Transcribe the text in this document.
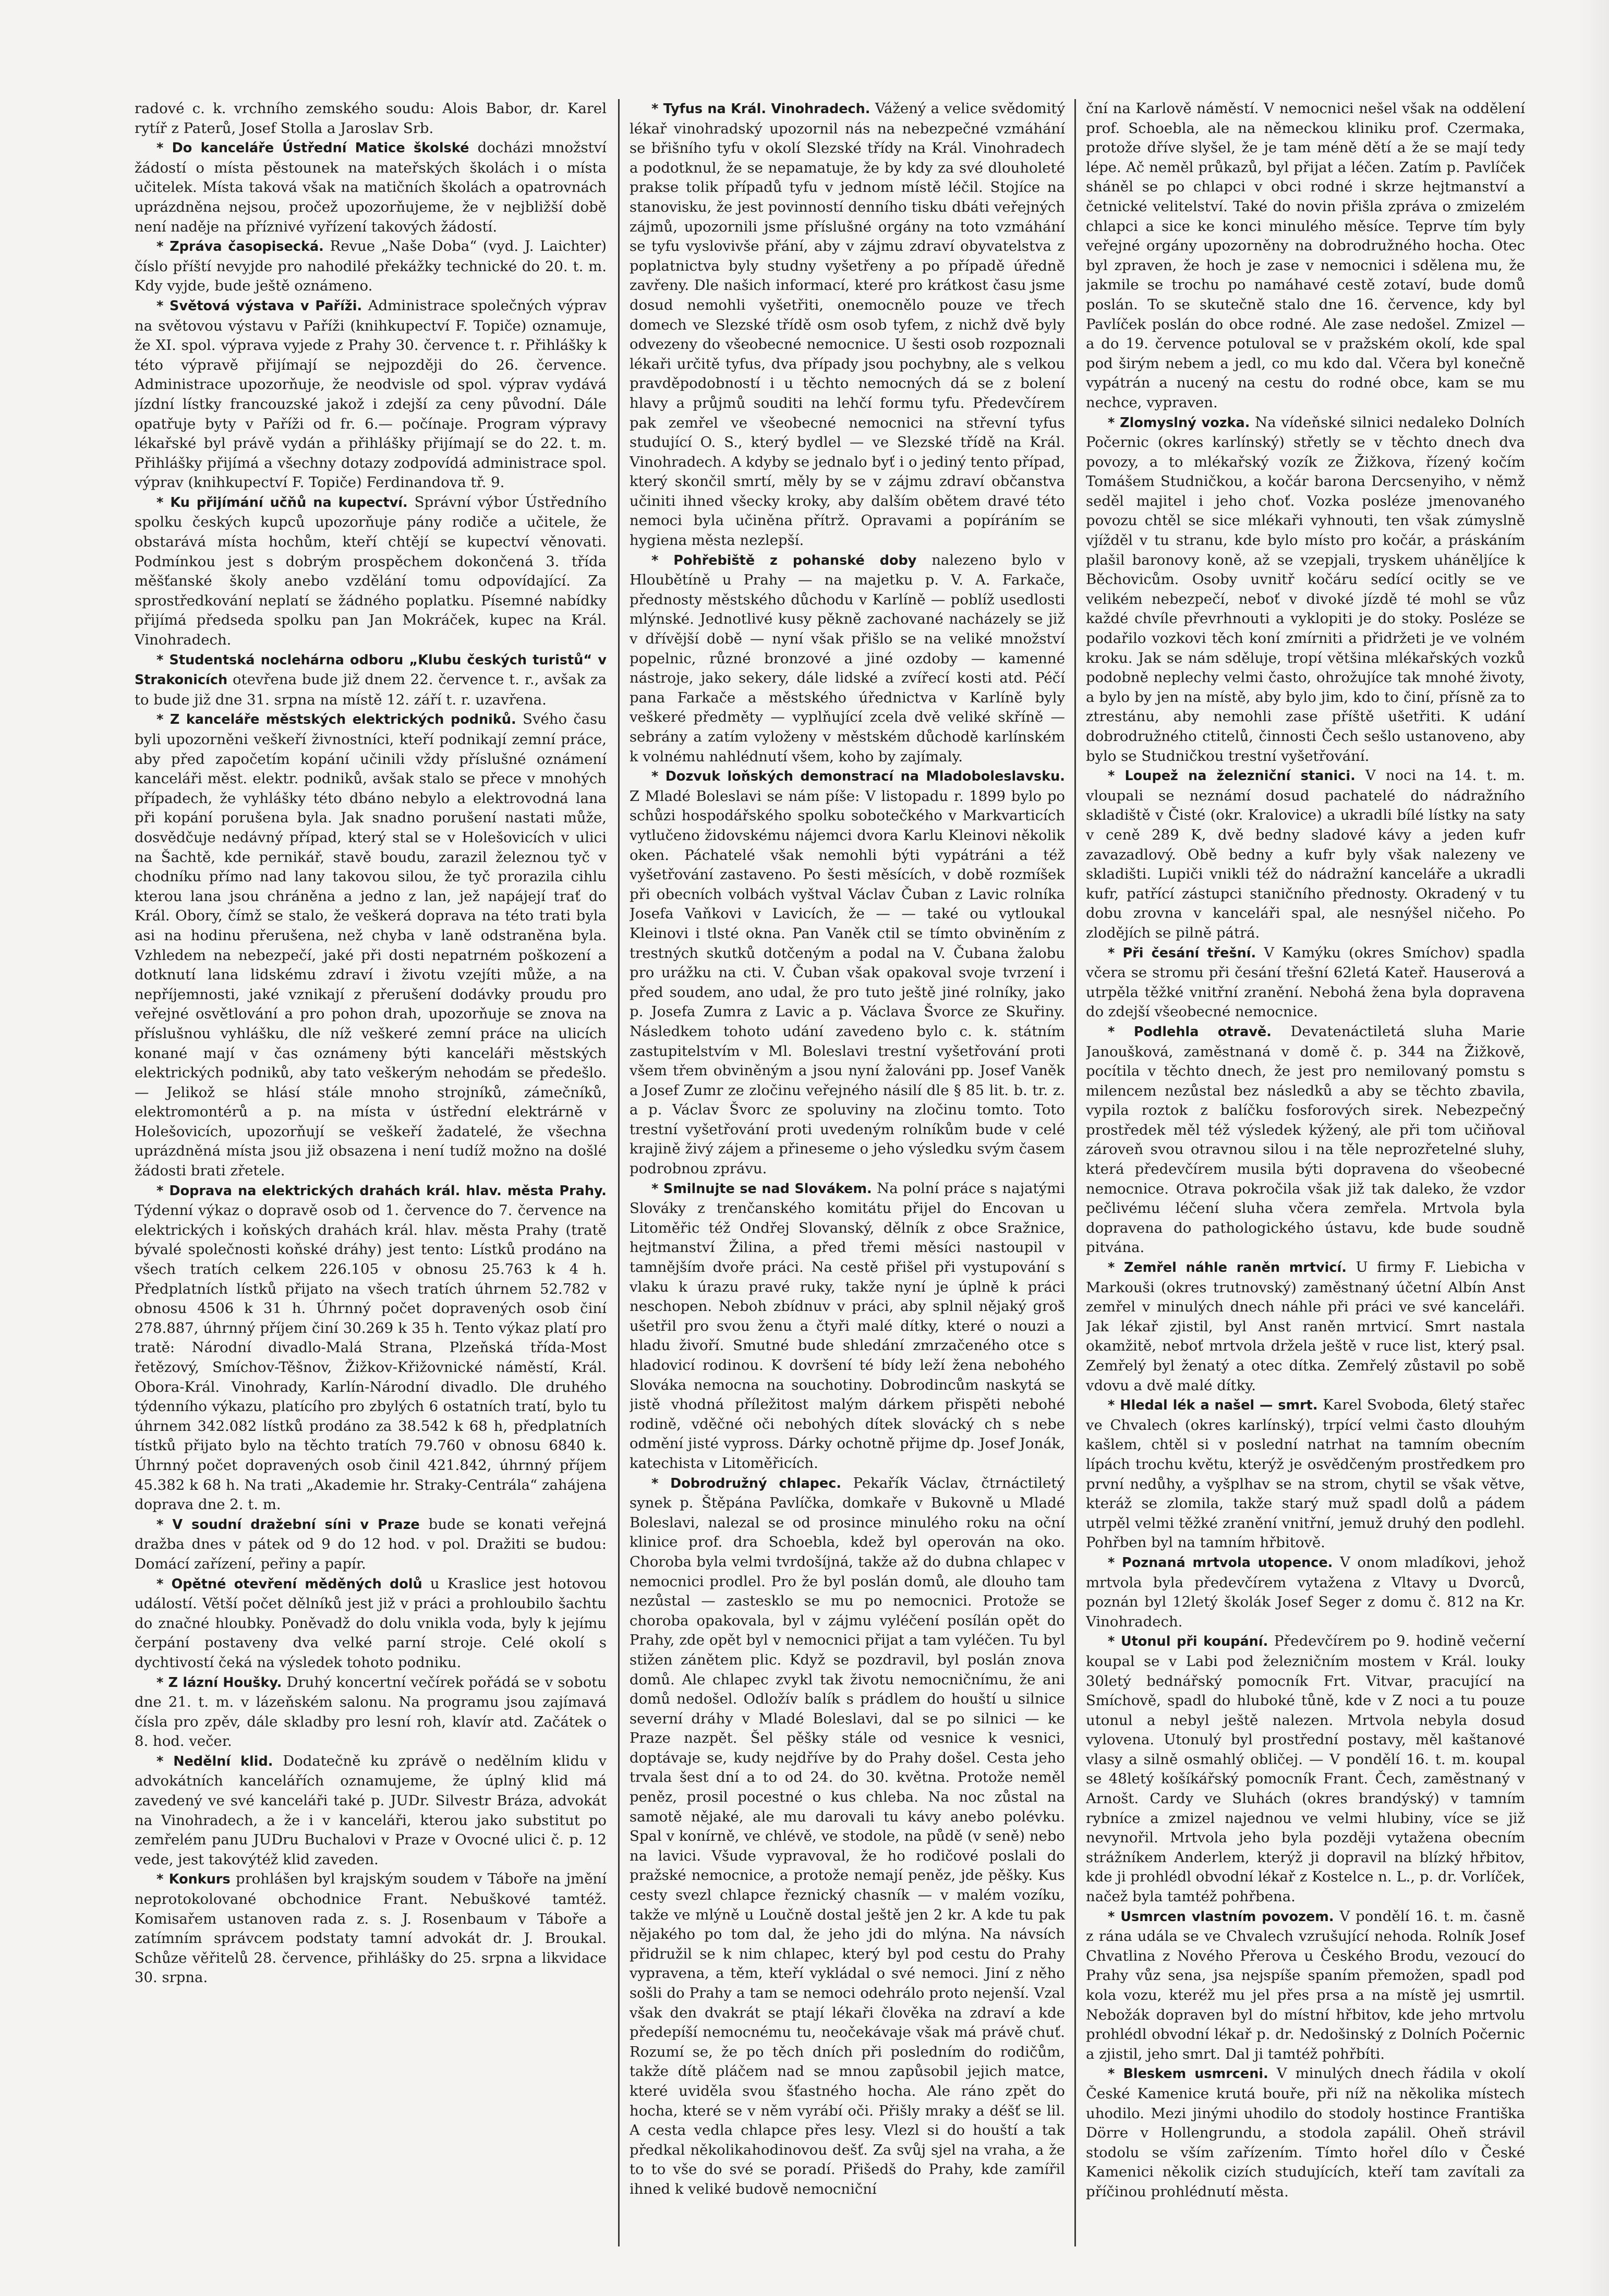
radové c. k. vrchního zemského soudu: Alois Babor, dr. Karel rytíř z Paterů, Josef Stolla a Jaroslav Srb.

* Do kanceláře Ústřední Matice školské docházi množství žádostí o místa pěstounek na mateřských školách i o místa učitelek. Místa taková však na matičních školách a opatrovnách uprázdněna nejsou, pročež upozorňujeme, že v nejbližší době není naděje na příznivé vyřízení takových žádostí.

* Zpráva časopisecká. Revue „Naše Doba“ (vyd. J. Laichter) číslo příští nevyjde pro nahodilé překážky technické do 20. t. m. Kdy vyjde, bude ještě oznámeno.

* Světová výstava v Paříži. Administrace společných výprav na světovou výstavu v Paříži (knihkupectví F. Topiče) oznamuje, že XI. spol. výprava vyjede z Prahy 30. července t. r. Přihlášky k této výpravě přijímají se nejpozději do 26. července. Administrace upozorňuje, že neodvisle od spol. výprav vydává jízdní lístky francouzské jakož i zdejší za ceny původní. Dále opatřuje byty v Paříži od fr. 6.— počínaje. Program výpravy lékařské byl právě vydán a přihlášky přijímají se do 22. t. m. Přihlášky přijímá a všechny dotazy zodpovídá administrace spol. výprav (knihkupectví F. Topiče) Ferdinandova tř. 9.

* Ku přijímání učňů na kupectví. Správní výbor Ústředního spolku českých kupců upozorňuje pány rodiče a učitele, že obstarává místa hochům, kteří chtějí se kupectví věnovati. Podmínkou jest s dobrým prospěchem dokončená 3. třída měšťanské školy anebo vzdělání tomu odpovídající. Za sprostředkování neplatí se žádného poplatku. Písemné nabídky přijímá předseda spolku pan Jan Mokráček, kupec na Král. Vinohradech.

* Studentská noclehárna odboru „Klubu českých turistů“ v Strakonicích otevřena bude již dnem 22. července t. r., avšak za to bude již dne 31. srpna na místě 12. září t. r. uzavřena.

* Z kanceláře městských elektrických podniků. Svého času byli upozorněni veškeří živnostníci, kteří podnikají zemní práce, aby před započetím kopání učinili vždy příslušné oznámení kanceláři měst. elektr. podniků, avšak stalo se přece v mnohých případech, že vyhlášky této dbáno nebylo a elektrovodná lana při kopání porušena byla. Jak snadno porušení nastati může, dosvědčuje nedávný případ, který stal se v Holešovicích v ulici na Šachtě, kde pernikář, stavě boudu, zarazil železnou tyč v chodníku přímo nad lany takovou silou, že tyč prorazila cihlu kterou lana jsou chráněna a jedno z lan, jež napájejí trať do Král. Obory, čímž se stalo, že veškerá doprava na této trati byla asi na hodinu přerušena, než chyba v laně odstraněna byla. Vzhledem na nebezpečí, jaké při dosti nepatrném poškození a dotknutí lana lidskému zdraví i životu vzejíti může, a na nepříjemnosti, jaké vznikají z přerušení dodávky proudu pro veřejné osvětlování a pro pohon drah, upozorňuje se znova na příslušnou vyhlášku, dle níž veškeré zemní práce na ulicích konané mají v čas oznámeny býti kanceláři městských elektrických podniků, aby tato veškerým nehodám se předešlo. — Jelikož se hlásí stále mnoho strojníků, zámečníků, elektromontérů a p. na místa v ústřední elektrárně v Holešovicích, upozorňují se veškeří žadatelé, že všechna uprázdněná místa jsou již obsazena i není tudíž možno na došlé žádosti brati zřetele.

* Doprava na elektrických drahách král. hlav. města Prahy. Týdenní výkaz o dopravě osob od 1. července do 7. července na elektrických i koňských drahách král. hlav. města Prahy (tratě bývalé společnosti koňské dráhy) jest tento: Lístků prodáno na všech tratích celkem 226.105 v obnosu 25.763 k 4 h. Předplatních lístků přijato na všech tratích úhrnem 52.782 v obnosu 4506 k 31 h. Úhrnný počet dopravených osob činí 278.887, úhrnný příjem činí 30.269 k 35 h. Tento výkaz platí pro tratě: Národní divadlo-Malá Strana, Plzeňská třída-Most řetězový, Smíchov-Těšnov, Žižkov-Křižovnické náměstí, Král. Obora-Král. Vinohrady, Karlín-Národní divadlo. Dle druhého týdenního výkazu, platícího pro zbylých 6 ostatních tratí, bylo tu úhrnem 342.082 lístků prodáno za 38.542 k 68 h, předplatních tístků přijato bylo na těchto tratích 79.760 v obnosu 6840 k. Úhrnný počet dopravených osob činil 421.842, úhrnný příjem 45.382 k 68 h. Na trati „Akademie hr. Straky-Centrála“ zahájena doprava dne 2. t. m.

* V soudní dražební síni v Praze bude se konati veřejná dražba dnes v pátek od 9 do 12 hod. v pol. Dražiti se budou: Domácí zařízení, peřiny a papír.

* Opětné otevření měděných dolů u Kraslice jest hotovou událostí. Větší počet dělníků jest již v práci a prohloubilo šachtu do značné hloubky. Poněvadž do dolu vnikla voda, byly k jejímu čerpání postaveny dva velké parní stroje. Celé okolí s dychtivostí čeká na výsledek tohoto podniku.

* Z lázní Houšky. Druhý koncertní večírek pořádá se v sobotu dne 21. t. m. v lázeňském salonu. Na programu jsou zajímavá čísla pro zpěv, dále skladby pro lesní roh, klavír atd. Začátek o 8. hod. večer.

* Nedělní klid. Dodatečně ku zprávě o nedělním klidu v advokátních kancelářích oznamujeme, že úplný klid má zavedený ve své kanceláři také p. JUDr. Silvestr Bráza, advokát na Vinohradech, a že i v kanceláři, kterou jako substitut po zemřelém panu JUDru Buchalovi v Praze v Ovocné ulici č. p. 12 vede, jest takovýtéž klid zaveden.

* Konkurs prohlášen byl krajským soudem v Táboře na jmění neprotokolované obchodnice Frant. Nebuškové tamtéž. Komisařem ustanoven rada z. s. J. Rosenbaum v Táboře a zatímním správcem podstaty tamní advokát dr. J. Broukal. Schůze věřitelů 28. července, přihlášky do 25. srpna a likvidace 30. srpna.

* Tyfus na Král. Vinohradech. Vážený a velice svědomitý lékař vinohradský upozornil nás na nebezpečné vzmáhání se břišního tyfu v okolí Slezské třídy na Král. Vinohradech a podotknul, že se nepamatuje, že by kdy za své dlouholeté prakse tolik případů tyfu v jednom místě léčil. Stojíce na stanovisku, že jest povinností denního tisku dbáti veřejných zájmů, upozornili jsme příslušné orgány na toto vzmáhání se tyfu vyslovivše přání, aby v zájmu zdraví obyvatelstva z poplatnictva byly studny vyšetřeny a po případě úředně zavřeny. Dle našich informací, které pro krátkost času jsme dosud nemohli vyšetřiti, onemocnělo pouze ve třech domech ve Slezské třídě osm osob tyfem, z nichž dvě byly odvezeny do všeobecné nemocnice. U šesti osob rozpoznali lékaři určitě tyfus, dva případy jsou pochybny, ale s velkou pravděpodobností i u těchto nemocných dá se z bolení hlavy a průjmů souditi na lehčí formu tyfu. Předevčírem pak zemřel ve všeobecné nemocnici na střevní tyfus studující O. S., který bydlel — ve Slezské třídě na Král. Vinohradech. A kdyby se jednalo byť i o jediný tento případ, který skončil smrtí, měly by se v zájmu zdraví občanstva učiniti ihned všecky kroky, aby dalším obětem dravé této nemoci byla učiněna přítrž. Opravami a popíráním se hygiena města nezlepší.

* Pohřebiště z pohanské doby nalezeno bylo v Hloubětíně u Prahy — na majetku p. V. A. Farkače, přednosty městského důchodu v Karlíně — poblíž usedlosti mlýnské. Jednotlivé kusy pěkně zachované nacházely se již v dřívější době — nyní však přišlo se na veliké množství popelnic, různé bronzové a jiné ozdoby — kamenné nástroje, jako sekery, dále lidské a zvířecí kosti atd. Péčí pana Farkače a městského úřednictva v Karlíně byly veškeré předměty — vyplňující zcela dvě veliké skříně — sebrány a zatím vyloženy v městském důchodě karlínském k volnému nahlédnutí všem, koho by zajímaly.

* Dozvuk loňských demonstrací na Mladoboleslavsku. Z Mladé Boleslavi se nám píše: V listopadu r. 1899 bylo po schůzi hospodářského spolku sobotečkého v Markvarticích vytlučeno židovskému nájemci dvora Karlu Kleinovi několik oken. Páchatelé však nemohli býti vypátráni a též vyšetřování zastaveno. Po šesti měsících, v době rozmíšek při obecních volbách vyštval Václav Čuban z Lavic rolníka Josefa Vaňkovi v Lavicích, že — — také ou vytloukal Kleinovi i tlsté okna. Pan Vaněk ctil se tímto obviněním z trestných skutků dotčeným a podal na V. Čubana žalobu pro urážku na cti. V. Čuban však opakoval svoje tvrzení i před soudem, ano udal, že pro tuto ještě jiné rolníky, jako p. Josefa Zumra z Lavic a p. Václava Švorce ze Skuřiny. Následkem tohoto udání zavedeno bylo c. k. státním zastupitelstvím v Ml. Boleslavi trestní vyšetřování proti všem třem obviněným a jsou nyní žalováni pp. Josef Vaněk a Josef Zumr ze zločinu veřejného násilí dle § 85 lit. b. tr. z. a p. Václav Švorc ze spoluviny na zločinu tomto. Toto trestní vyšetřování proti uvedeným rolníkům bude v celé krajině živý zájem a přineseme o jeho výsledku svým časem podrobnou zprávu.

* Smilnujte se nad Slovákem. Na polní práce s najatými Slováky z trenčanského komitátu přijel do Encovan u Litoměřic též Ondřej Slovanský, dělník z obce Sražnice, hejtmanství Žilina, a před třemi měsíci nastoupil v tamnějším dvoře práci. Na cestě přišel při vystupování s vlaku k úrazu pravé ruky, takže nyní je úplně k práci neschopen. Neboh zbídnuv v práci, aby splnil nějaký groš ušetřil pro svou ženu a čtyři malé dítky, které o nouzi a hladu živoří. Smutné bude shledání zmrzačeného otce s hladovicí rodinou. K dovršení té bídy leží žena nebohého Slováka nemocna na souchotiny. Dobrodincům naskytá se jistě vhodná příležitost malým dárkem přispěti nebohé rodině, vděčné oči nebohých dítek slovácký ch s nebe odmění jisté vypross. Dárky ochotně přijme dp. Josef Jonák, katechista v Litoměřicích.

* Dobrodružný chlapec. Pekařík Václav, čtrnáctiletý synek p. Štěpána Pavlíčka, domkaře v Bukovně u Mladé Boleslavi, nalezal se od prosince minulého roku na oční klinice prof. dra Schoebla, kdež byl operován na oko. Choroba byla velmi tvrdošíjná, takže až do dubna chlapec v nemocnici prodlel. Pro že byl poslán domů, ale dlouho tam nezůstal — zastesklo se mu po nemocnici. Protože se choroba opakovala, byl v zájmu vyléčení posílán opět do Prahy, zde opět byl v nemocnici přijat a tam vyléčen. Tu byl stižen zánětem plic. Když se pozdravil, byl poslán znova domů. Ale chlapec zvykl tak životu nemocničnímu, že ani domů nedošel. Odložív balík s prádlem do houští u silnice severní dráhy v Mladé Boleslavi, dal se po silnici — ke Praze nazpět. Šel pěšky stále od vesnice k vesnici, doptávaje se, kudy nejdříve by do Prahy došel. Cesta jeho trvala šest dní a to od 24. do 30. května. Protože neměl peněz, prosil pocestné o kus chleba. Na noc zůstal na samotě nějaké, ale mu darovali tu kávy anebo polévku. Spal v konírně, ve chlévě, ve stodole, na půdě (v seně) nebo na lavici. Všude vypravoval, že ho rodičové poslali do pražské nemocnice, a protože nemají peněz, jde pěšky. Kus cesty svezl chlapce řeznický chasník — v malém vozíku, takže ve mlýně u Loučně dostal ještě jen 2 kr. A kde tu pak nějakého po tom dal, že jeho jdi do mlýna. Na návsích přidružil se k nim chlapec, který byl pod cestu do Prahy vypravena, a těm, kteří vykládal o své nemoci. Jiní z něho sošli do Prahy a tam se nemoci odehrálo proto nejenší. Vzal však den dvakrát se ptají lékaři člověka na zdraví a kde předepíší nemocnému tu, neočekávaje však má právě chuť. Rozumí se, že po těch dních při posledním do rodičům, takže dítě pláčem nad se mnou zapůsobil jejich matce, které uviděla svou šťastného hocha. Ale ráno zpět do hocha, které se v něm vyrábí oči. Přišly mraky a déšť se lil. A cesta vedla chlapce přes lesy. Vlezl si do houští a tak předkal několikahodinovou dešť. Za svůj sjel na vraha, a že to to vše do své se poradí. Přišedš do Prahy, kde zamířil ihned k veliké budově nemocniční

ční na Karlově náměstí. V nemocnici nešel však na oddělení prof. Schoebla, ale na německou kliniku prof. Czermaka, protože dříve slyšel, že je tam méně dětí a že se mají tedy lépe. Ač neměl průkazů, byl přijat a léčen. Zatím p. Pavlíček sháněl se po chlapci v obci rodné i skrze hejtmanství a četnické velitelství. Také do novin přišla zpráva o zmizelém chlapci a sice ke konci minulého měsíce. Teprve tím byly veřejné orgány upozorněny na dobrodružného hocha. Otec byl zpraven, že hoch je zase v nemocnici i sdělena mu, že jakmile se trochu po namáhavé cestě zotaví, bude domů poslán. To se skutečně stalo dne 16. července, kdy byl Pavlíček poslán do obce rodné. Ale zase nedošel. Zmizel — a do 19. července potuloval se v pražském okolí, kde spal pod širým nebem a jedl, co mu kdo dal. Včera byl konečně vypátrán a nucený na cestu do rodné obce, kam se mu nechce, vypraven.

* Zlomyslný vozka. Na vídeňské silnici nedaleko Dolních Počernic (okres karlínský) střetly se v těchto dnech dva povozy, a to mlékařský vozík ze Žižkova, řízený kočím Tomášem Studničkou, a kočár barona Dercsenyiho, v němž seděl majitel i jeho choť. Vozka posléze jmenovaného povozu chtěl se sice mlékaři vyhnouti, ten však zúmyslně vjížděl v tu stranu, kde bylo místo pro kočár, a práskáním plašil baronovy koně, až se vzepjali, tryskem uháněljíce k Běchovicům. Osoby uvnitř kočáru sedící ocitly se ve velikém nebezpečí, neboť v divoké jízdě té mohl se vůz každé chvíle převrhnouti a vyklopiti je do stoky. Posléze se podařilo vozkovi těch koní zmírniti a přidržeti je ve volném kroku. Jak se nám sděluje, tropí většina mlékařských vozků podobně neplechy velmi často, ohrožujíce tak mnohé životy, a bylo by jen na místě, aby bylo jim, kdo to činí, přísně za to ztrestánu, aby nemohli zase příště ušetřiti. K udání dobrodružného ctitelů, činnosti Čech sešlo ustanoveno, aby bylo se Studničkou trestní vyšetřování.

* Loupež na železniční stanici. V noci na 14. t. m. vloupali se neznámí dosud pachatelé do nádražního skladiště v Čisté (okr. Kralovice) a ukradli bílé lístky na saty v ceně 289 K, dvě bedny sladové kávy a jeden kufr zavazadlový. Obě bedny a kufr byly však nalezeny ve skladišti. Lupiči vnikli též do nádražní kanceláře a ukradli kufr, patřící zástupci staničního přednosty. Okradený v tu dobu zrovna v kanceláři spal, ale nesnýšel ničeho. Po zlodějích se pilně pátrá.

* Při česání třešní. V Kamýku (okres Smíchov) spadla včera se stromu při česání třešní 62letá Kateř. Hauserová a utrpěla těžké vnitřní zranění. Nebohá žena byla dopravena do zdejší všeobecné nemocnice.

* Podlehla otravě. Devatenáctiletá sluha Marie Janoušková, zaměstnaná v domě č. p. 344 na Žižkově, pocítila v těchto dnech, že jest pro nemilovaný pomstu s milencem nezůstal bez následků a aby se těchto zbavila, vypila roztok z balíčku fosforových sirek. Nebezpečný prostředek měl též výsledek kýžený, ale při tom učiňoval zároveň svou otravnou silou i na těle neprozřetelné sluhy, která předevčírem musila býti dopravena do všeobecné nemocnice. Otrava pokročila však již tak daleko, že vzdor pečlivému léčení sluha včera zemřela. Mrtvola byla dopravena do pathologického ústavu, kde bude soudně pitvána.

* Zemřel náhle raněn mrtvicí. U firmy F. Liebicha v Markouši (okres trutnovský) zaměstnaný účetní Albín Anst zemřel v minulých dnech náhle při práci ve své kanceláři. Jak lékař zjistil, byl Anst raněn mrtvicí. Smrt nastala okamžitě, neboť mrtvola držela ještě v ruce list, který psal. Zemřelý byl ženatý a otec dítka. Zemřelý zůstavil po sobě vdovu a dvě malé dítky.

* Hledal lék a našel — smrt. Karel Svoboda, 6letý stařec ve Chvalech (okres karlínský), trpící velmi často dlouhým kašlem, chtěl si v poslední natrhat na tamním obecním lípách trochu květu, kterýž je osvědčeným prostředkem pro první nedůhy, a vyšplhav se na strom, chytil se však větve, kteráž se zlomila, takže starý muž spadl dolů a pádem utrpěl velmi těžké zranění vnitřní, jemuž druhý den podlehl. Pohřben byl na tamním hřbitově.

* Poznaná mrtvola utopence. V onom mladíkovi, jehož mrtvola byla předevčírem vytažena z Vltavy u Dvorců, poznán byl 12letý školák Josef Seger z domu č. 812 na Kr. Vinohradech.

* Utonul při koupání. Předevčírem po 9. hodině večerní koupal se v Labi pod železničním mostem v Král. louky 30letý bednářský pomocník Frt. Vitvar, pracující na Smíchově, spadl do hluboké tůně, kde v Z noci a tu pouze utonul a nebyl ještě nalezen. Mrtvola nebyla dosud vylovena. Utonulý byl prostřední postavy, měl kaštanové vlasy a silně osmahlý obličej. — V pondělí 16. t. m. koupal se 48letý košíkářský pomocník Frant. Čech, zaměstnaný v Arnošt. Cardy ve Sluhách (okres brandýský) v tamním rybníce a zmizel najednou ve velmi hlubiny, více se již nevynořil. Mrtvola jeho byla později vytažena obecním strážníkem Anderlem, kterýž ji dopravil na blízký hřbitov, kde ji prohlédl obvodní lékař z Kostelce n. L., p. dr. Vorlíček, načež byla tamtéž pohřbena.

* Usmrcen vlastním povozem. V pondělí 16. t. m. časně z rána udála se ve Chvalech vzrušující nehoda. Rolník Josef Chvatlina z Nového Přerova u Českého Brodu, vezoucí do Prahy vůz sena, jsa nejspíše spaním přemožen, spadl pod kola vozu, kteréž mu jel přes prsa a na místě jej usmrtil. Nebožák dopraven byl do místní hřbitov, kde jeho mrtvolu prohlédl obvodní lékař p. dr. Nedošinský z Dolních Počernic a zjistil, jeho smrt. Dal ji tamtéž pohřbíti.

* Bleskem usmrceni. V minulých dnech řádila v okolí České Kamenice krutá bouře, při níž na několika místech uhodilo. Mezi jinými uhodilo do stodoly hostince Františka Dörre v Hollengrundu, a stodola zapálil. Oheň strávil stodolu se vším zařízením. Tímto hořel dílo v České Kamenici několik cizích studujících, kteří tam zavítali za příčinou prohlédnutí města.
